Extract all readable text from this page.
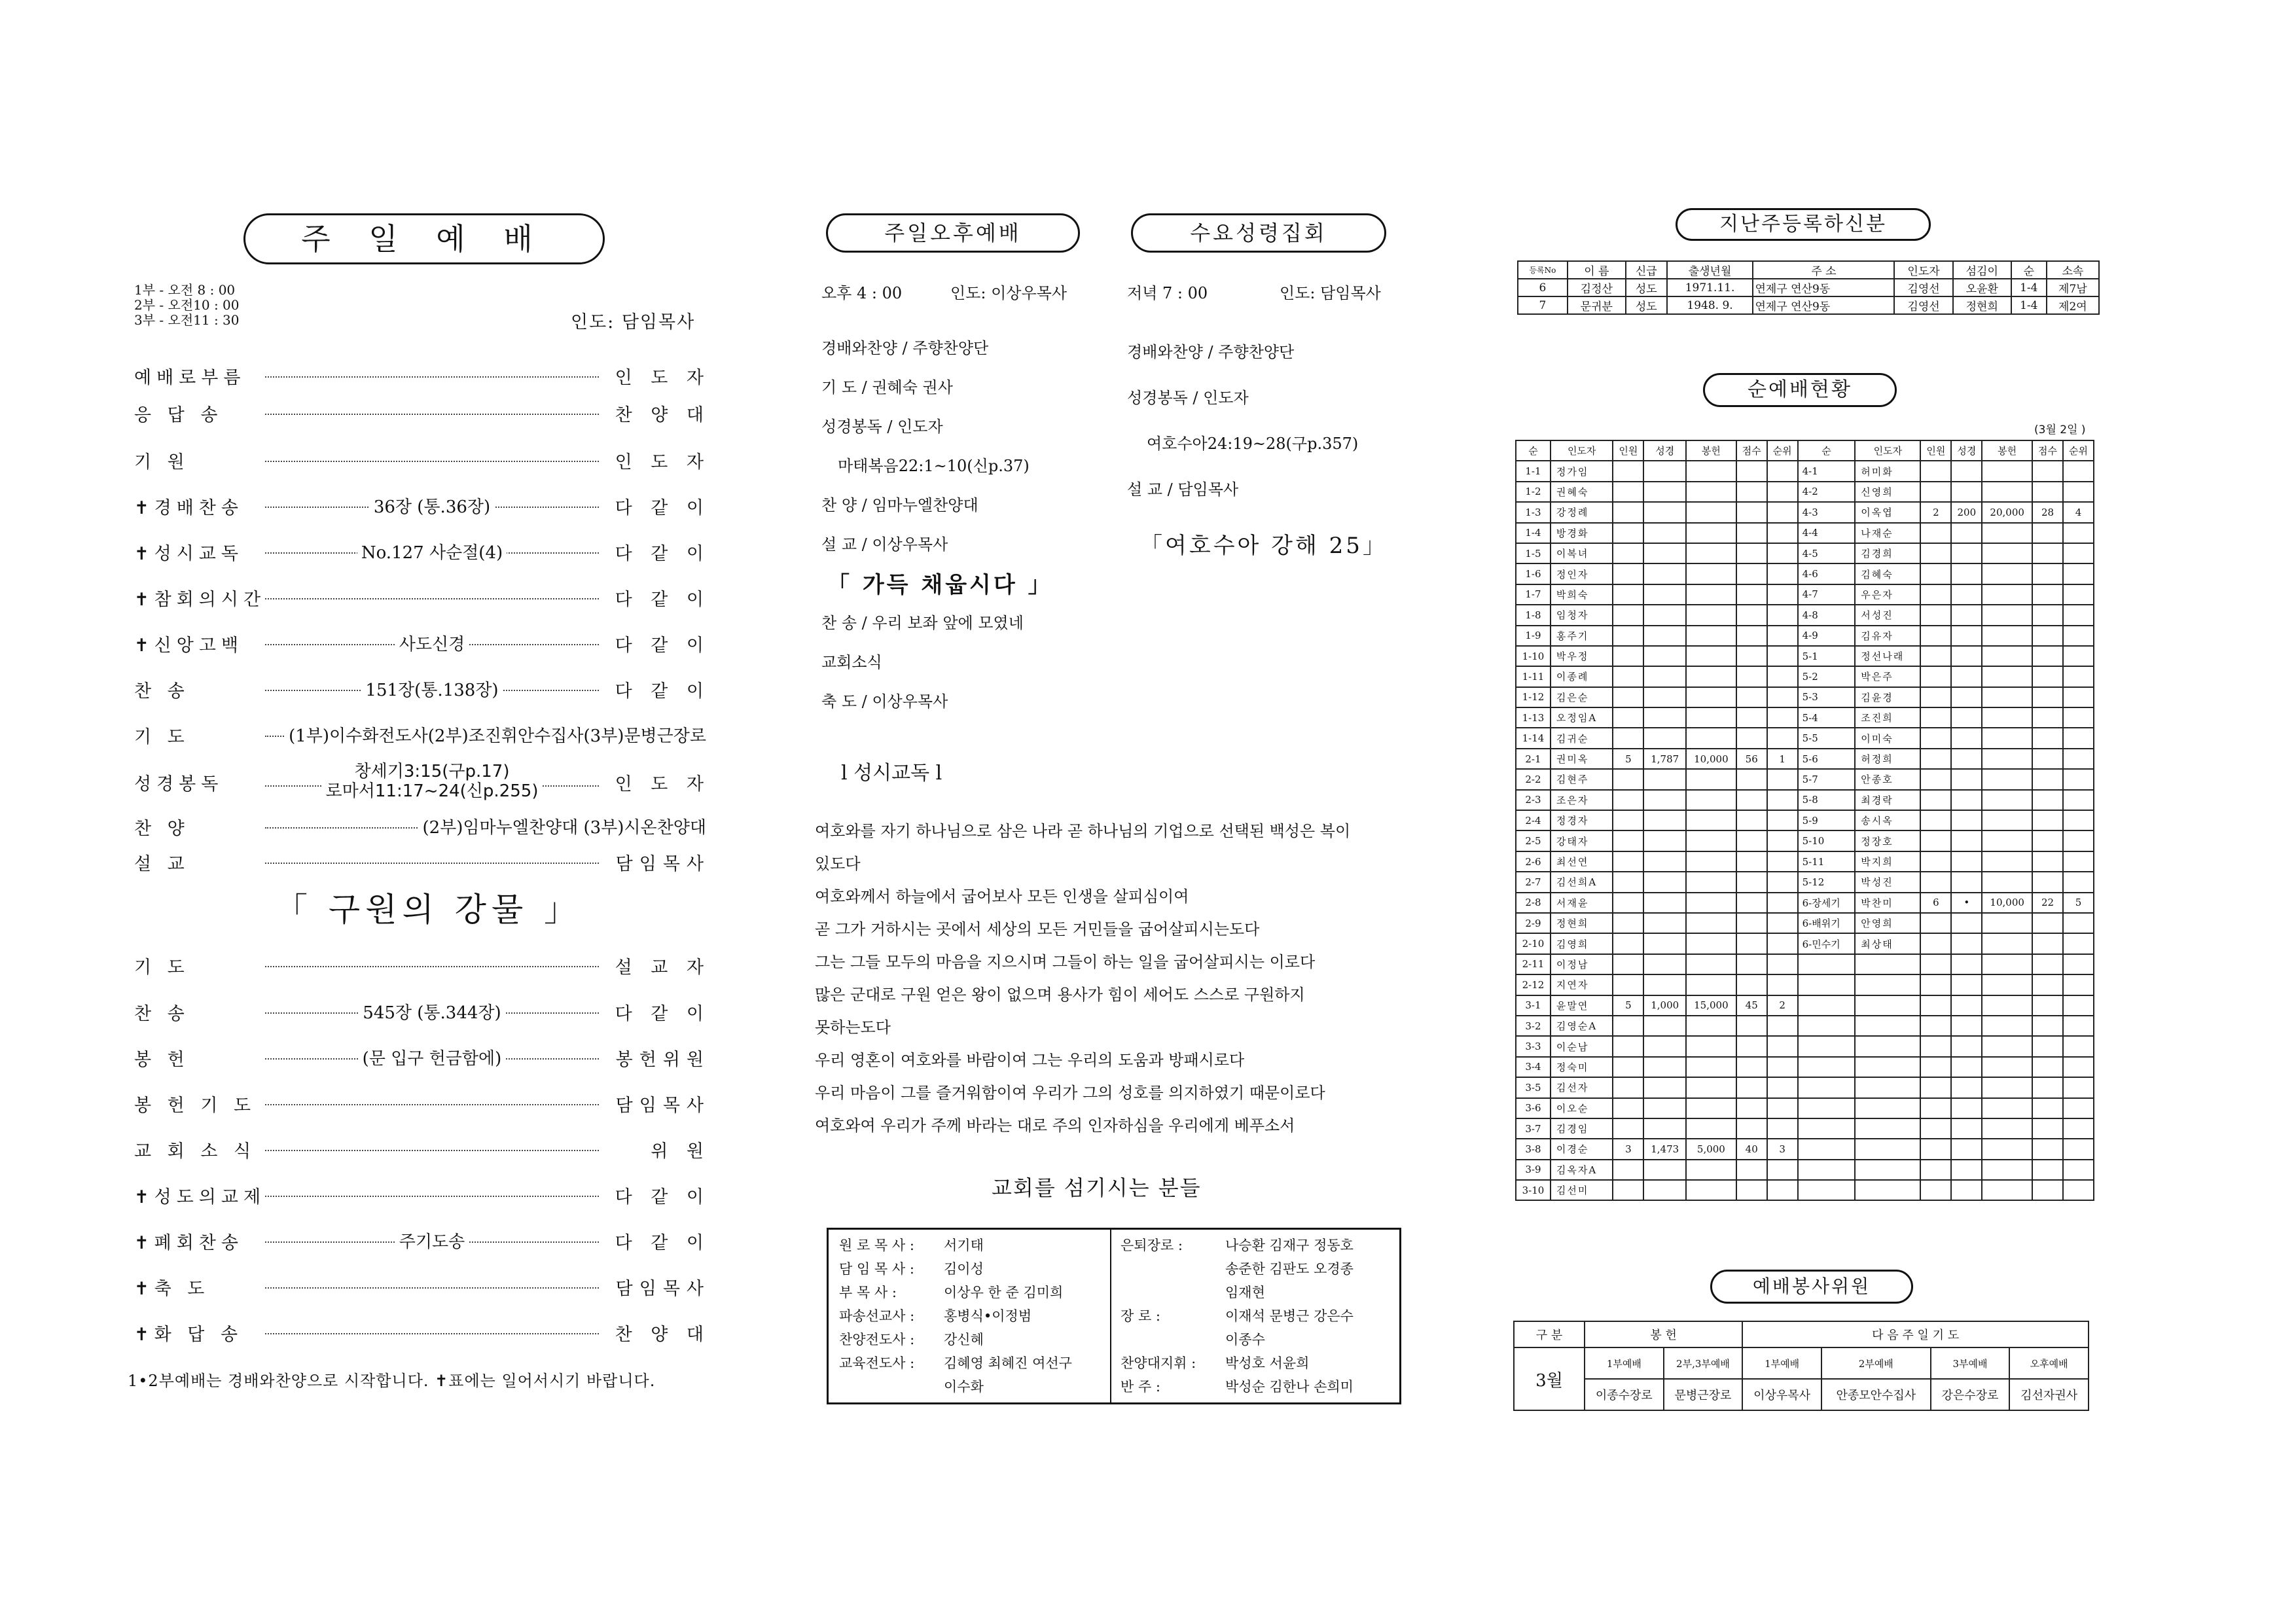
주 일 예 배
1부 - 오전 8 : 00
2부 - 오전10 : 00
3부 - 오전11 : 30	인도: 담임목사
예배로부름	인 도 자
응 답 송	찬 양 대
기 원	인 도 자
✝경배찬송	36장 (통.36장)	다 같 이
✝성시교독	No.127 사순절(4)	다 같 이
✝참회의시간	다 같 이
✝신앙고백	사도신경	다 같 이
찬 송	151장(통.138장)	다 같 이
기 도	(1부)이수화전도사(2부)조진휘안수집사(3부)문병근장로
성경봉독
창세기3:15(구p.17)
로마서11:17~24(신p.255)	인 도 자
찬 양	(2부)임마누엘찬양대 (3부)시온찬양대
설 교	담임목사
「 구원의 강물 」
기 도	설 교 자
찬 송	545장 (통.344장)	다 같 이
봉 헌	(문 입구 헌금함에)	봉헌위원
봉 헌 기 도	담임목사
교 회 소 식	위 원
✝성도의교제	다 같 이
✝폐회찬송	주기도송	다 같 이
✝축 도	담임목사
✝화 답 송	찬 양 대
1•2부예배는 경배와찬양으로 시작합니다. ✝표에는 일어서시기 바랍니다.
주일오후예배	수요성령집회
오후 4 : 00	인도: 이상우목사
경배와찬양 / 주향찬양단
기 도 / 권혜숙 권사
성경봉독 / 인도자
마태복음22:1~10(신p.37)
찬 양 / 임마누엘찬양대
설 교 / 이상우목사
「 가득 채웁시다 」
찬 송 / 우리 보좌 앞에 모였네
교회소식
축 도 / 이상우목사
저녁 7 : 00	인도: 담임목사
경배와찬양 / 주향찬양단
성경봉독 / 인도자
여호수아24:19~28(구p.357)
설 교 / 담임목사
「여호수아 강해 25」
l 성시교독 l
여호와를 자기 하나님으로 삼은 나라 곧 하나님의 기업으로 선택된 백성은 복이
있도다
여호와께서 하늘에서 굽어보사 모든 인생을 살피심이여
곧 그가 거하시는 곳에서 세상의 모든 거민들을 굽어살피시는도다
그는 그들 모두의 마음을 지으시며 그들이 하는 일을 굽어살피시는 이로다
많은 군대로 구원 얻은 왕이 없으며 용사가 힘이 세어도 스스로 구원하지
못하는도다
우리 영혼이 여호와를 바람이여 그는 우리의 도움과 방패시로다
우리 마음이 그를 즐거워함이여 우리가 그의 성호를 의지하였기 때문이로다
여호와여 우리가 주께 바라는 대로 주의 인자하심을 우리에게 베푸소서
교회를 섬기시는 분들
원 로 목 사 : 서기태
담 임 목 사 : 김이성
부 목 사 :	이상우 한 준 김미희
파송선교사 : 홍병식•이정범
찬양전도사 : 강신혜
교육전도사 : 김혜영 최혜진 여선구
이수화
은퇴장로 :	나승환 김재구 정동호
송준한 김판도 오경종
임재현
장 로 :	이재석 문병근 강은수
이종수
찬양대지휘 : 박성호 서윤희
반 주 :	박성순 김한나 손희미
지난주등록하신분
등록No	이 름	신급	출생년월	주 소	인도자	섬김이	순	소속
6	김정산	성도	1971.11.	연제구 연산9동	김영선	오윤환	1-4	제7남
7	문귀분	성도	1948. 9.	연제구 연산9동	김영선	정현희	1-4	제2여
순예배현황
(3월 2일 )
순	인도자	인원	성경	봉헌	점수	순위	순	인도자	인원	성경	봉헌	점수	순위
1-1	정가임						4-1	허미화					
1-2	권혜숙						4-2	신영희					
1-3	강정례						4-3	이옥엽	2	200	20,000	28	4
1-4	방경화						4-4	나재순					
1-5	이복녀						4-5	김경희					
1-6	정인자						4-6	김혜숙					
1-7	박희숙						4-7	우은자					
1-8	임청자						4-8	서성진					
1-9	홍주기						4-9	김유자					
1-10	박우정						5-1	정선나래					
1-11	이종례						5-2	박은주					
1-12	김은순						5-3	김윤경					
1-13	오정임A						5-4	조진희					
1-14	김귀순						5-5	이미숙					
2-1	권미옥	5	1,787	10,000	56	1	5-6	허정희					
2-2	김현주						5-7	안종호					
2-3	조은자						5-8	최경락					
2-4	정경자						5-9	송시옥					
2-5	강태자						5-10	정장호					
2-6	최선연						5-11	박지희					
2-7	김선희A						5-12	박성진					
2-8	서재윤						6-장세기	박찬미	6	•	10,000	22	5
2-9	정현희						6-배위기	안영희					
2-10	김영희						6-민수기	최상태					
2-11	이정남												
2-12	지연자												
3-1	윤말연	5	1,000	15,000	45	2							
3-2	김영순A												
3-3	이순남												
3-4	정숙미												
3-5	김선자												
3-6	이오순												
3-7	김경임												
3-8	이경순	3	1,473	5,000	40	3							
3-9	김옥자A												
3-10	김선미												
예배봉사위원
구 분	봉 헌		다 음 주 일 기 도			
3월	1부예배	2부,3부예배	1부예배	2부예배	3부예배	오후예배
	이종수장로	문병근장로	이상우목사	안종모안수집사	강은수장로	김선자권사
